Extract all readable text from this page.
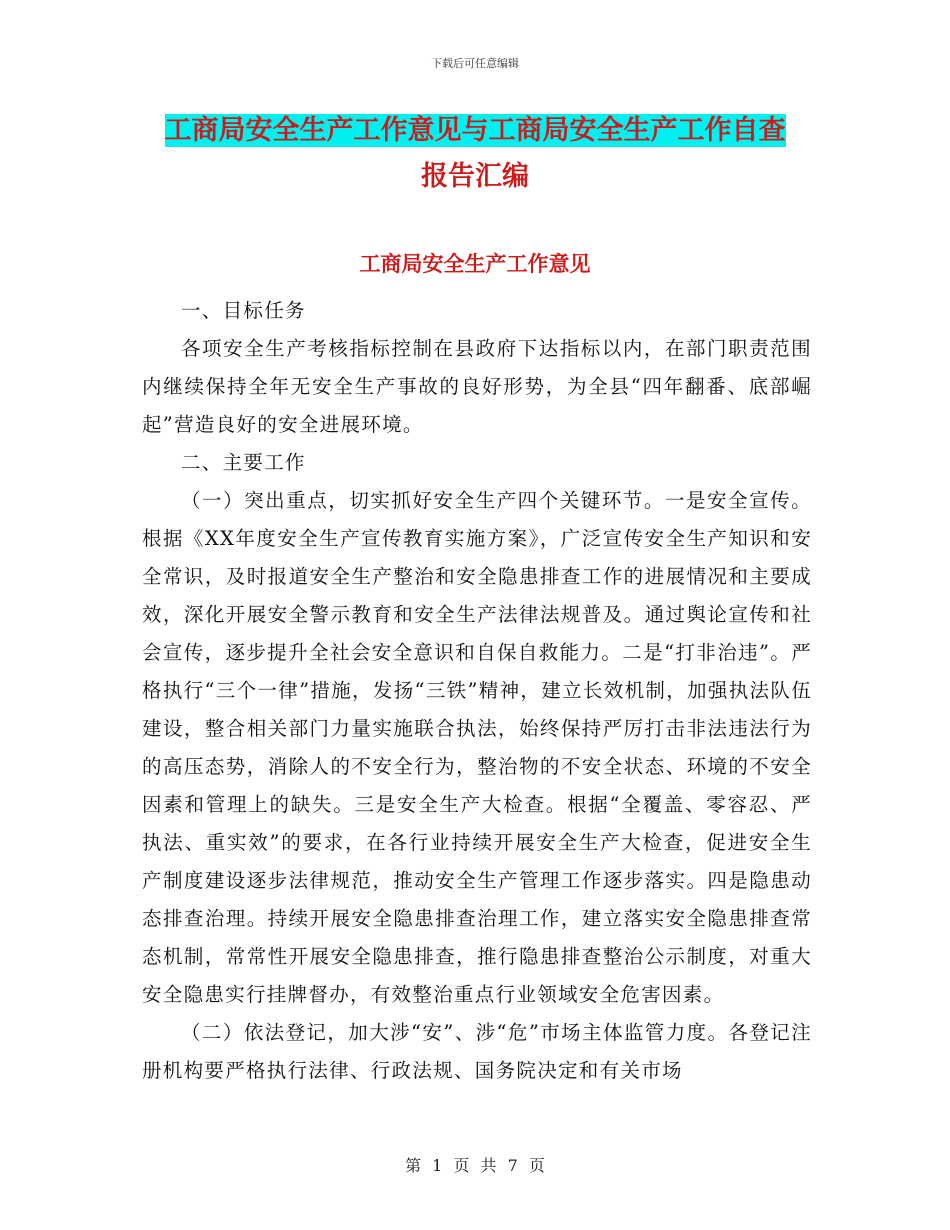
下载后可任意编辑
工商局安全生产工作意见与工商局安全生产工作自查
报告汇编
工商局安全生产工作意见

一、目标任务

各项安全生产考核指标控制在县政府下达指标以内，在部门职责范围内继续保持全年无安全生产事故的良好形势，为全县“四年翻番、底部崛起”营造良好的安全进展环境。

二、主要工作

（一）突出重点，切实抓好安全生产四个关键环节。一是安全宣传。根据《XX年度安全生产宣传教育实施方案》，广泛宣传安全生产知识和安全常识，及时报道安全生产整治和安全隐患排查工作的进展情况和主要成效，深化开展安全警示教育和安全生产法律法规普及。通过舆论宣传和社会宣传，逐步提升全社会安全意识和自保自救能力。二是“打非治违”。严格执行“三个一律”措施，发扬“三铁”精神，建立长效机制，加强执法队伍建设，整合相关部门力量实施联合执法，始终保持严厉打击非法违法行为的高压态势，消除人的不安全行为，整治物的不安全状态、环境的不安全因素和管理上的缺失。三是安全生产大检查。根据“全覆盖、零容忍、严执法、重实效”的要求，在各行业持续开展安全生产大检查，促进安全生产制度建设逐步法律规范，推动安全生产管理工作逐步落实。四是隐患动态排查治理。持续开展安全隐患排查治理工作，建立落实安全隐患排查常态机制，常常性开展安全隐患排查，推行隐患排查整治公示制度，对重大安全隐患实行挂牌督办，有效整治重点行业领域安全危害因素。

（二）依法登记，加大涉“安”、涉“危”市场主体监管力度。各登记注册机构要严格执行法律、行政法规、国务院决定和有关市场

第 1 页 共 7 页
